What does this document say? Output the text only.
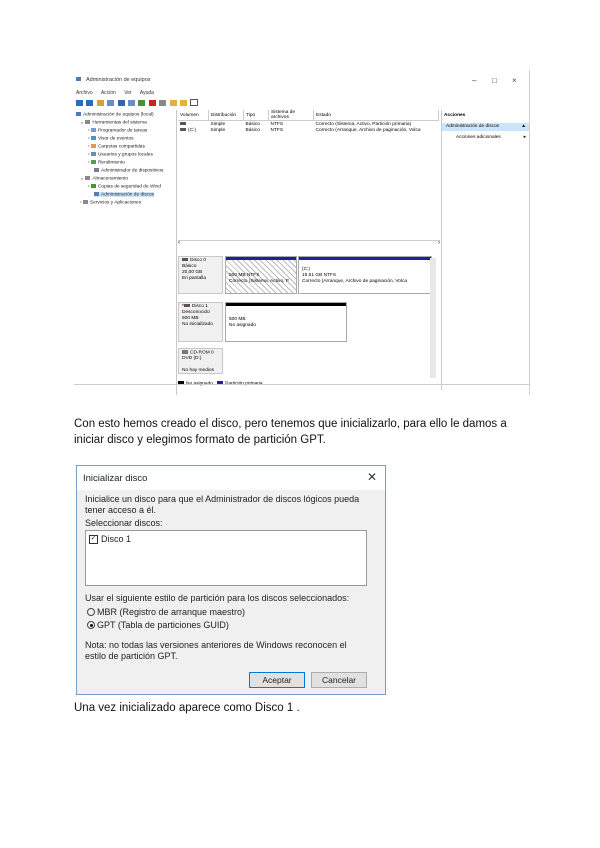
Administración de equipos	– □ ×
Archivo Acción Ver Ayuda

Administración de equipos (local)
⌄ Herramientas del sistema
› Programador de tareas
› Visor de eventos
› Carpetas compartidas
› Usuarios y grupos locales
› Rendimiento
Administrador de dispositivos
⌄ Almacenamiento
› Copias de seguridad de Wind
Administración de discos
› Servicios y Aplicaciones
Volumen	Distribución	Tipo	Sistema de archivos	Estado
	Simple	Básico	NTFS	Correcto (Sistema, Activo, Partición primaria)
(C:)	Simple	Básico	NTFS	Correcto (Arranque, Archivo de paginación, Volca
‹	›
Disco 0
Básico
20,00 GB
En pantalla
500 MB NTFS
Correcto (Sistema, Activo, P
(C:)
19,51 GB NTFS
Correcto (Arranque, Archivo de paginación, Volca
Disco 1
Desconocido
500 MB
No inicializado
500 MB
No asignado
CD-ROM 0
DVD (D:)
No hay medios
No asignado	Partición primaria
Acciones
Administración de discos	▲
Acciones adicionales	▸
Con esto hemos creado el disco, pero tenemos que inicializarlo, para ello le damos a iniciar disco y elegimos formato de partición GPT.
Inicializar disco	✕
Inicialice un disco para que el Administrador de discos lógicos pueda tener acceso a él.
Seleccionar discos:
✓ Disco 1
Usar el siguiente estilo de partición para los discos seleccionados:
MBR (Registro de arranque maestro)
GPT (Tabla de particiones GUID)
Nota: no todas las versiones anteriores de Windows reconocen el estilo de partición GPT.
Aceptar	Cancelar
Una vez inicializado aparece como Disco 1 .
